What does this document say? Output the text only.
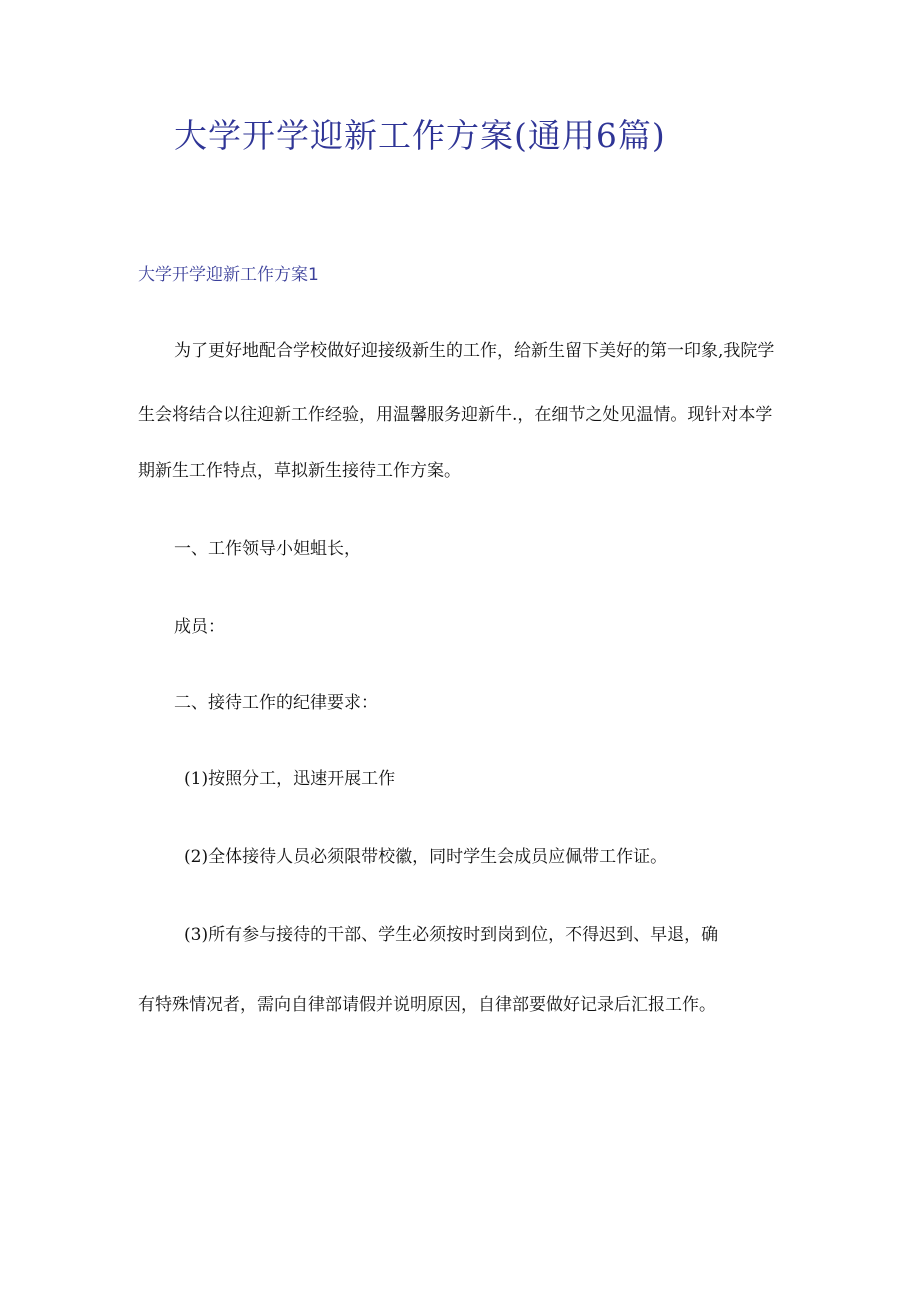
大学开学迎新工作方案(通用6篇)
大学开学迎新工作方案1
为了更好地配合学校做好迎接级新生的工作，给新生留下美好的第一印象,我院学
生会将结合以往迎新工作经验，用温馨服务迎新牛.，在细节之处见温情。现针对本学
期新生工作特点，草拟新生接待工作方案。
一、工作领导小妲蛆长，
成员：
二、接待工作的纪律要求：
(1)按照分工，迅速开展工作
(2)全体接待人员必须限带校徽，同时学生会成员应佩带工作证。
(3)所有参与接待的干部、学生必须按时到岗到位，不得迟到、早退，确
有特殊情况者，需向自律部请假并说明原因，自律部要做好记录后汇报工作。
